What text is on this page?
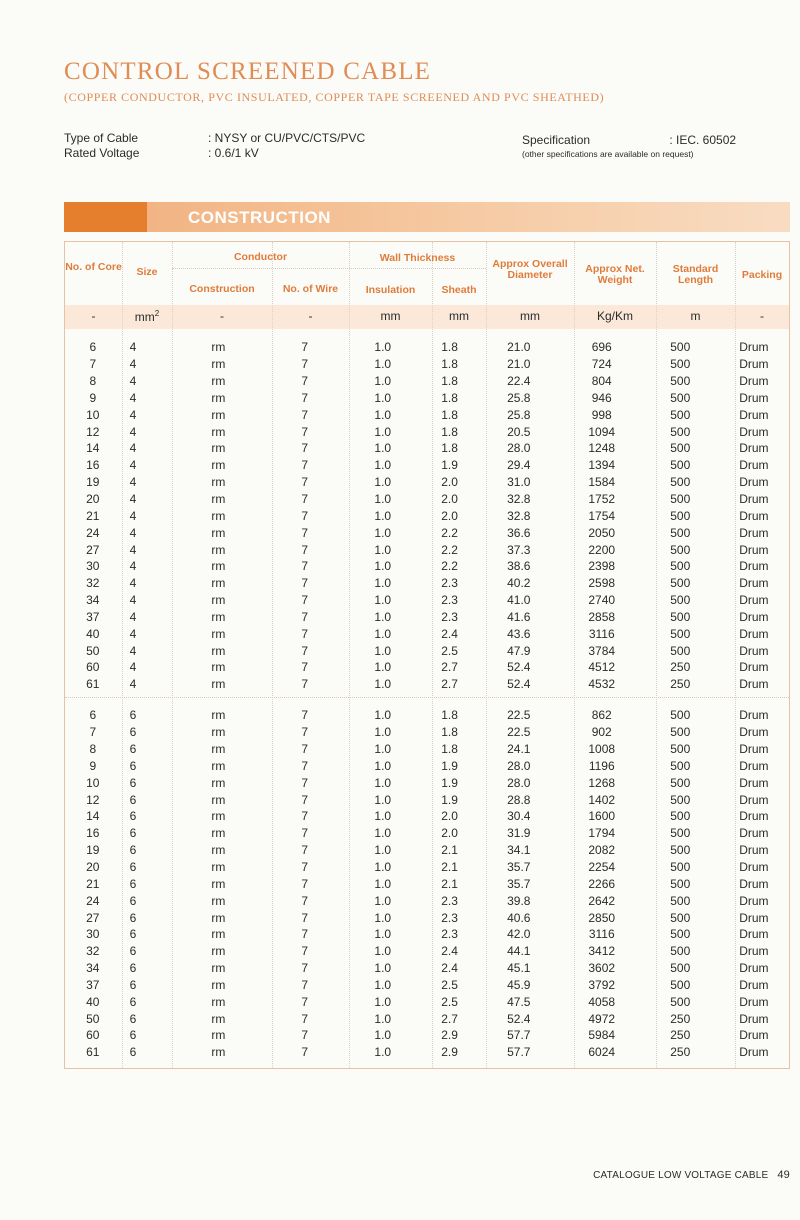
CONTROL SCREENED CABLE
(COPPER CONDUCTOR, PVC INSULATED, COPPER TAPE SCREENED AND PVC SHEATHED)
Type of Cable	: NYSY or CU/PVC/CTS/PVC
Rated Voltage	: 0.6/1 kV
Specification	: IEC. 60502
(other specifications are available on request)
CONSTRUCTION
No. of Core	Size
Conductor
Construction	No. of Wire
Wall Thickness
Insulation	Sheath
Approx Overall Diameter	Approx Net. Weight
Standard Length	Packing
-	$mm^2$	-	-	mm	mm	mm	Kg/Km	m	-
6	4	rm	7	1.0	1.8	21.0	696	500	Drum
7	4	rm	7	1.0	1.8	21.0	724	500	Drum
8	4	rm	7	1.0	1.8	22.4	804	500	Drum
9	4	rm	7	1.0	1.8	25.8	946	500	Drum
10	4	rm	7	1.0	1.8	25.8	998	500	Drum
12	4	rm	7	1.0	1.8	20.5	1094	500	Drum
14	4	rm	7	1.0	1.8	28.0	1248	500	Drum
16	4	rm	7	1.0	1.9	29.4	1394	500	Drum
19	4	rm	7	1.0	2.0	31.0	1584	500	Drum
20	4	rm	7	1.0	2.0	32.8	1752	500	Drum
21	4	rm	7	1.0	2.0	32.8	1754	500	Drum
24	4	rm	7	1.0	2.2	36.6	2050	500	Drum
27	4	rm	7	1.0	2.2	37.3	2200	500	Drum
30	4	rm	7	1.0	2.2	38.6	2398	500	Drum
32	4	rm	7	1.0	2.3	40.2	2598	500	Drum
34	4	rm	7	1.0	2.3	41.0	2740	500	Drum
37	4	rm	7	1.0	2.3	41.6	2858	500	Drum
40	4	rm	7	1.0	2.4	43.6	3116	500	Drum
50	4	rm	7	1.0	2.5	47.9	3784	500	Drum
60	4	rm	7	1.0	2.7	52.4	4512	250	Drum
61	4	rm	7	1.0	2.7	52.4	4532	250	Drum
6	6	rm	7	1.0	1.8	22.5	862	500	Drum
7	6	rm	7	1.0	1.8	22.5	902	500	Drum
8	6	rm	7	1.0	1.8	24.1	1008	500	Drum
9	6	rm	7	1.0	1.9	28.0	1196	500	Drum
10	6	rm	7	1.0	1.9	28.0	1268	500	Drum
12	6	rm	7	1.0	1.9	28.8	1402	500	Drum
14	6	rm	7	1.0	2.0	30.4	1600	500	Drum
16	6	rm	7	1.0	2.0	31.9	1794	500	Drum
19	6	rm	7	1.0	2.1	34.1	2082	500	Drum
20	6	rm	7	1.0	2.1	35.7	2254	500	Drum
21	6	rm	7	1.0	2.1	35.7	2266	500	Drum
24	6	rm	7	1.0	2.3	39.8	2642	500	Drum
27	6	rm	7	1.0	2.3	40.6	2850	500	Drum
30	6	rm	7	1.0	2.3	42.0	3116	500	Drum
32	6	rm	7	1.0	2.4	44.1	3412	500	Drum
34	6	rm	7	1.0	2.4	45.1	3602	500	Drum
37	6	rm	7	1.0	2.5	45.9	3792	500	Drum
40	6	rm	7	1.0	2.5	47.5	4058	500	Drum
50	6	rm	7	1.0	2.7	52.4	4972	250	Drum
60	6	rm	7	1.0	2.9	57.7	5984	250	Drum
61	6	rm	7	1.0	2.9	57.7	6024	250	Drum
CATALOGUE LOW VOLTAGE CABLE 49
